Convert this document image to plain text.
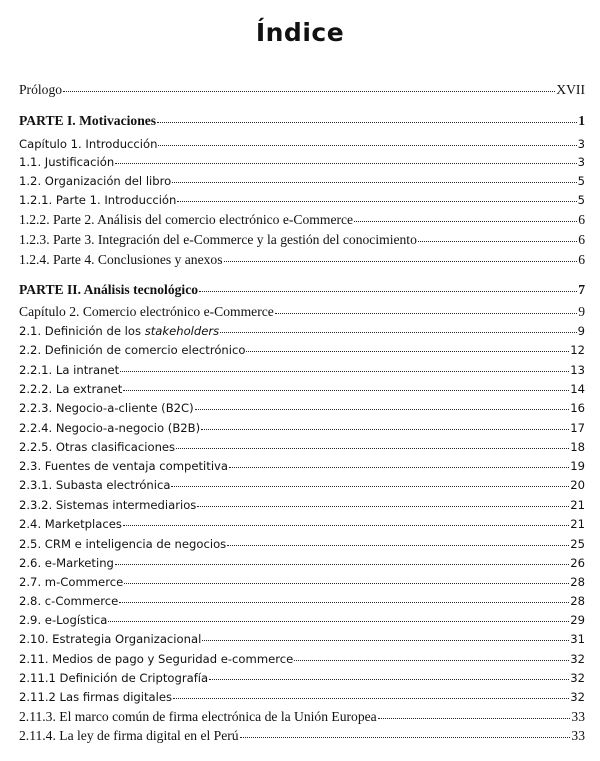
Índice
Prólogo	XVII
PARTE I. Motivaciones	1
Capítulo 1. Introducción	3
1.1. Justificación	3
1.2. Organización del libro	5
1.2.1. Parte 1. Introducción	5
1.2.2. Parte 2. Análisis del comercio electrónico e-Commerce	6
1.2.3. Parte 3. Integración del e-Commerce y la gestión del conocimiento	6
1.2.4. Parte 4. Conclusiones y anexos	6
PARTE II. Análisis tecnológico	7
Capítulo 2. Comercio electrónico e-Commerce	9
2.1. Definición de los stakeholders	9
2.2. Definición de comercio electrónico	12
2.2.1. La intranet	13
2.2.2. La extranet	14
2.2.3. Negocio-a-cliente (B2C)	16
2.2.4. Negocio-a-negocio (B2B)	17
2.2.5. Otras clasificaciones	18
2.3. Fuentes de ventaja competitiva	19
2.3.1. Subasta electrónica	20
2.3.2. Sistemas intermediarios	21
2.4. Marketplaces	21
2.5. CRM e inteligencia de negocios	25
2.6. e-Marketing	26
2.7. m-Commerce	28
2.8. c-Commerce	28
2.9. e-Logística	29
2.10. Estrategia Organizacional	31
2.11. Medios de pago y Seguridad e-commerce	32
2.11.1 Definición de Criptografía	32
2.11.2 Las firmas digitales	32
2.11.3. El marco común de firma electrónica de la Unión Europea	33
2.11.4. La ley de firma digital en el Perú	33
